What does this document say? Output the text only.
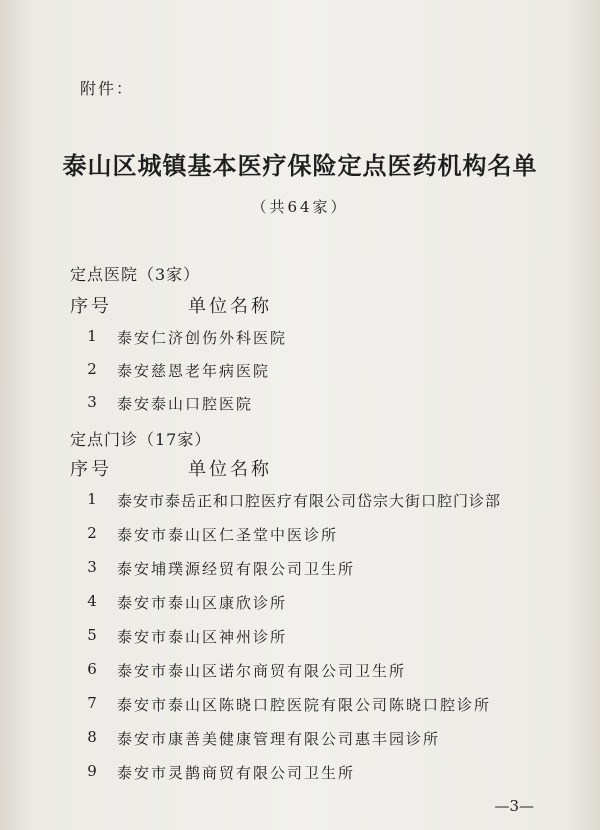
附件：
泰山区城镇基本医疗保险定点医药机构名单
（共64家）
定点医院（3家）
序号	单位名称
1	泰安仁济创伤外科医院
2	泰安慈恩老年病医院
3	泰安泰山口腔医院
定点门诊（17家）
序号	单位名称
1	泰安市泰岳正和口腔医疗有限公司岱宗大街口腔门诊部
2	泰安市泰山区仁圣堂中医诊所
3	泰安埔璞源经贸有限公司卫生所
4	泰安市泰山区康欣诊所
5	泰安市泰山区神州诊所
6	泰安市泰山区诺尔商贸有限公司卫生所
7	泰安市泰山区陈晓口腔医院有限公司陈晓口腔诊所
8	泰安市康善美健康管理有限公司惠丰园诊所
9	泰安市灵鹊商贸有限公司卫生所
—3—
